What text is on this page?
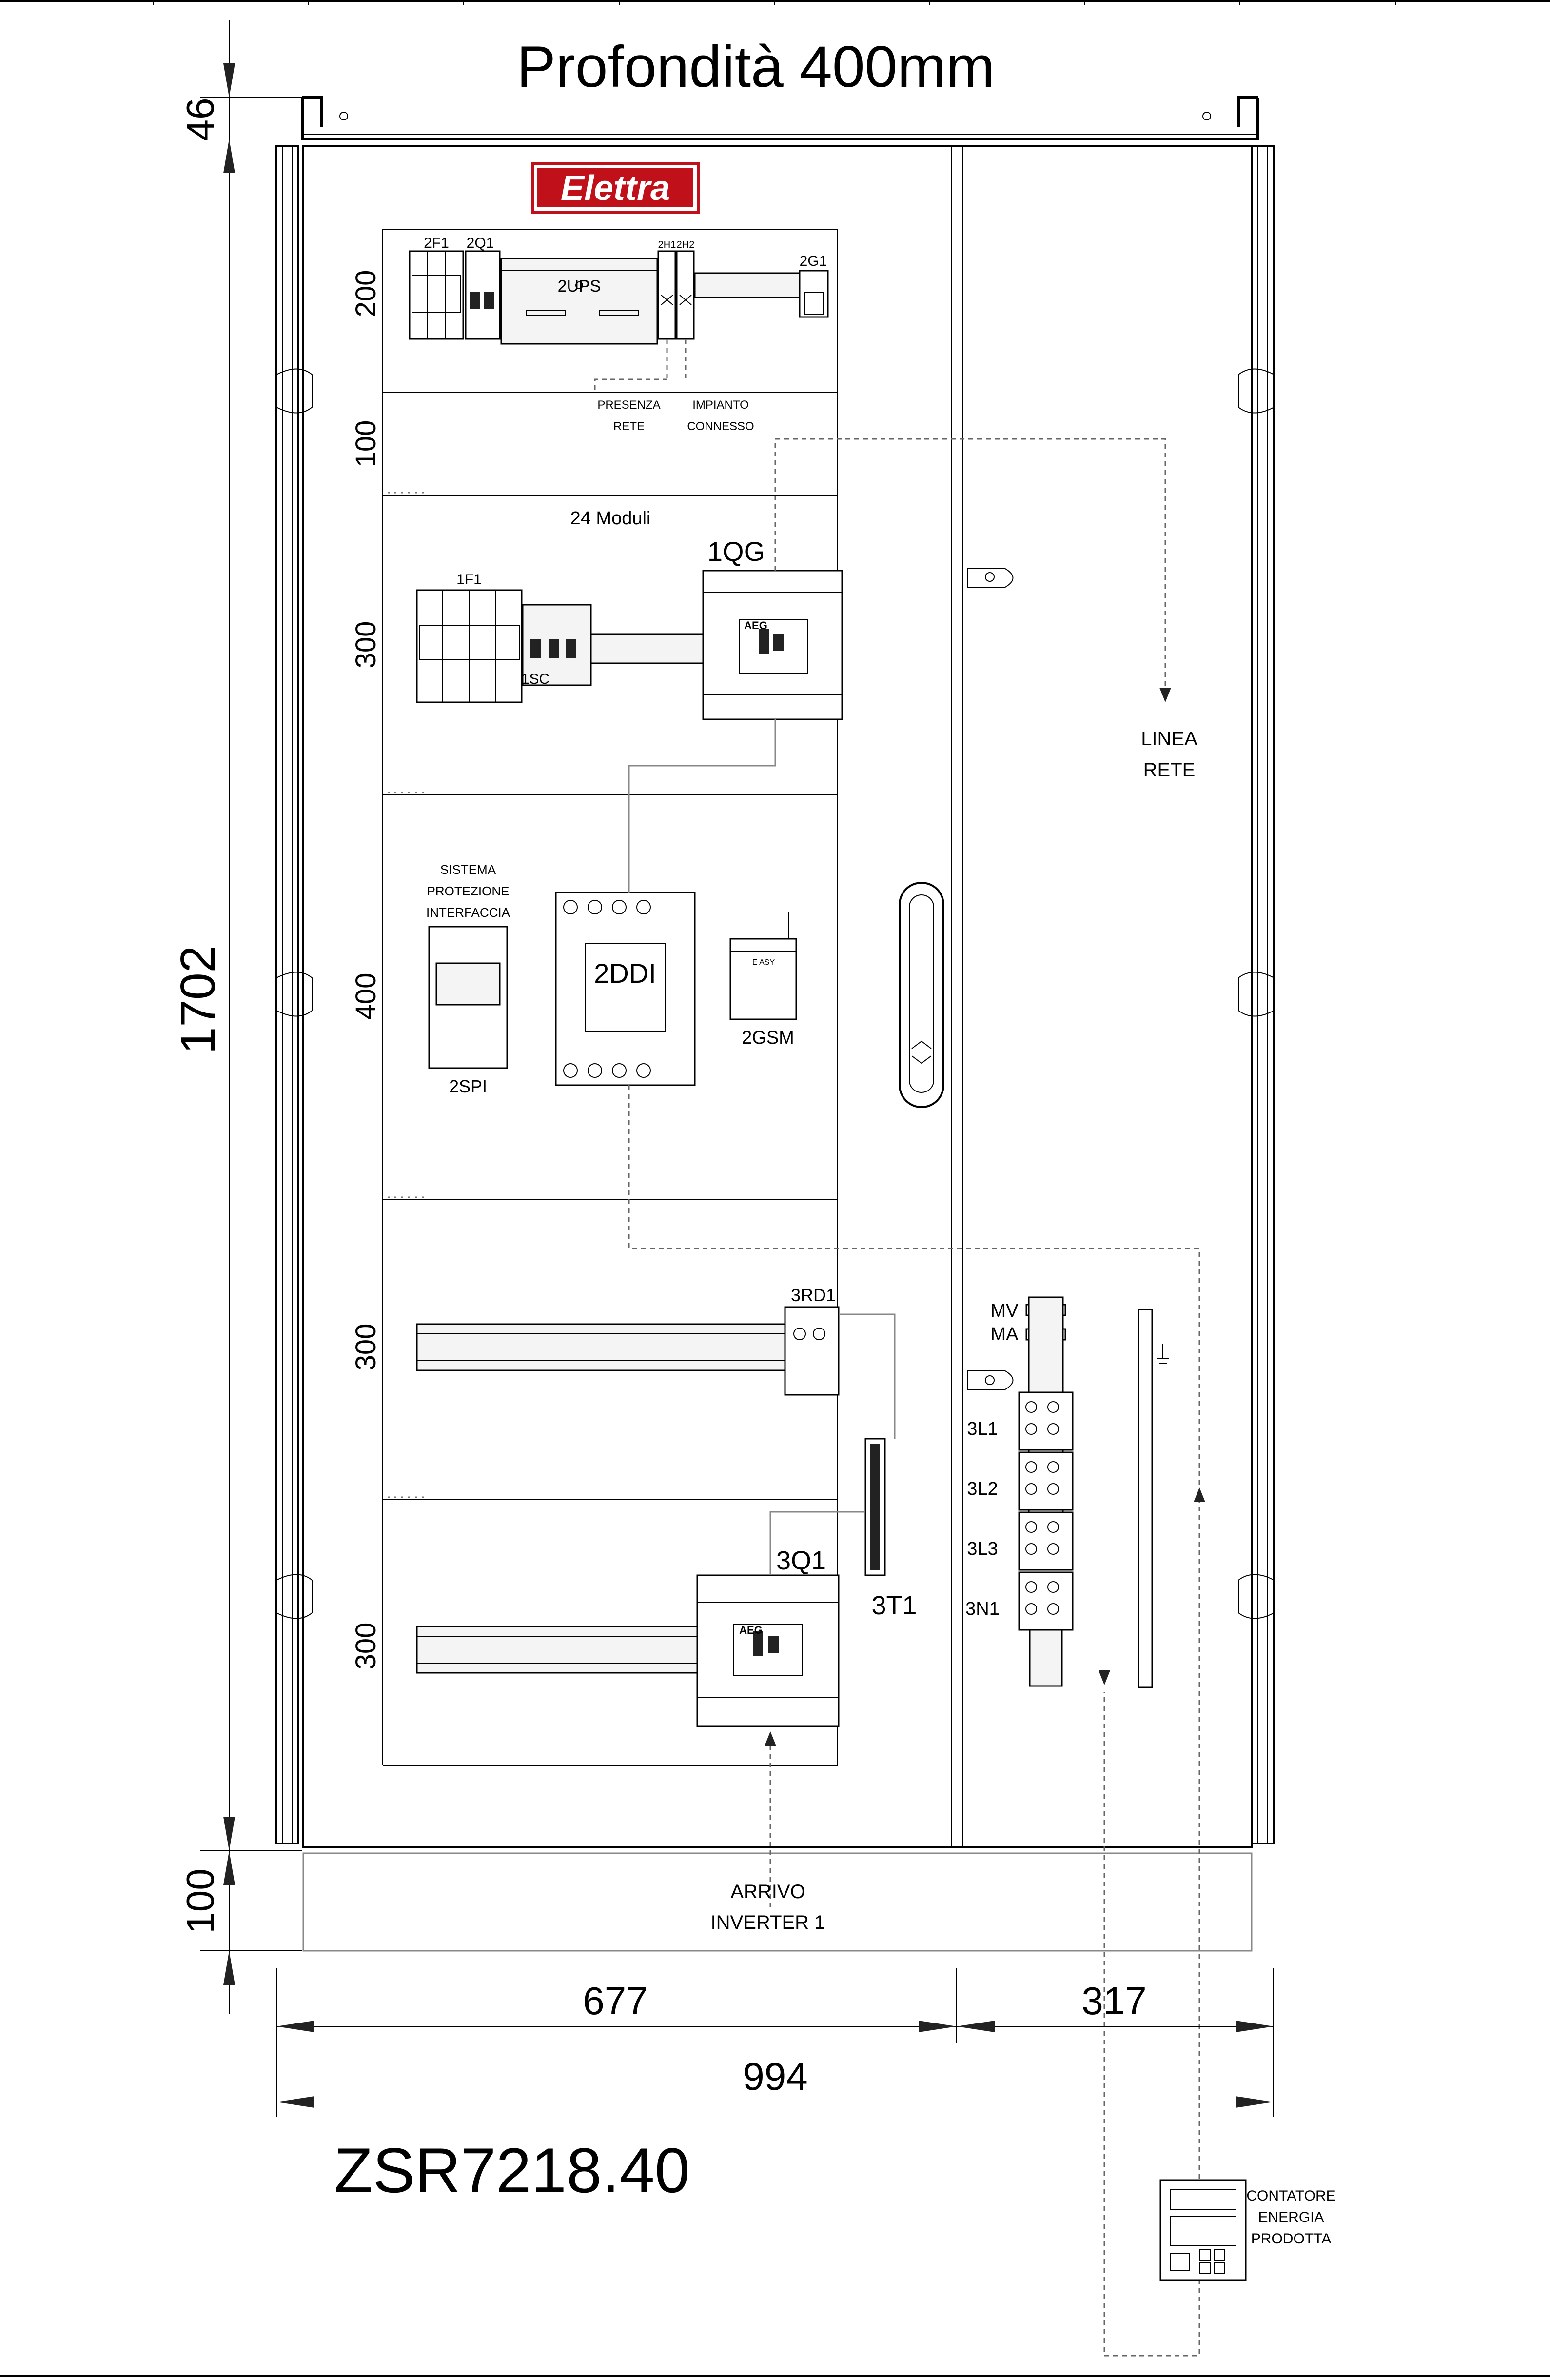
Profondità 400mm
46
1702
100
200
100
300
400
300
300
Elettra
2F1 2Q1
2UPS
2H1 2H2
2G1
PRESENZA
RETE
IMPIANTO
CONNESSO
24 Moduli
1F1
1SC
1QG
AEG
SISTEMA
PROTEZIONE
INTERFACCIA
2SPI
2DDI	E ASY
2GSM
3RD1
3T1
3Q1
AEG
MV
MA
3L1
3L2
3L3
3N1
LINEA
RETE
ARRIVO
INVERTER 1
677	317
994
ZSR7218.40	CONTATORE
ENERGIA
PRODOTTA
